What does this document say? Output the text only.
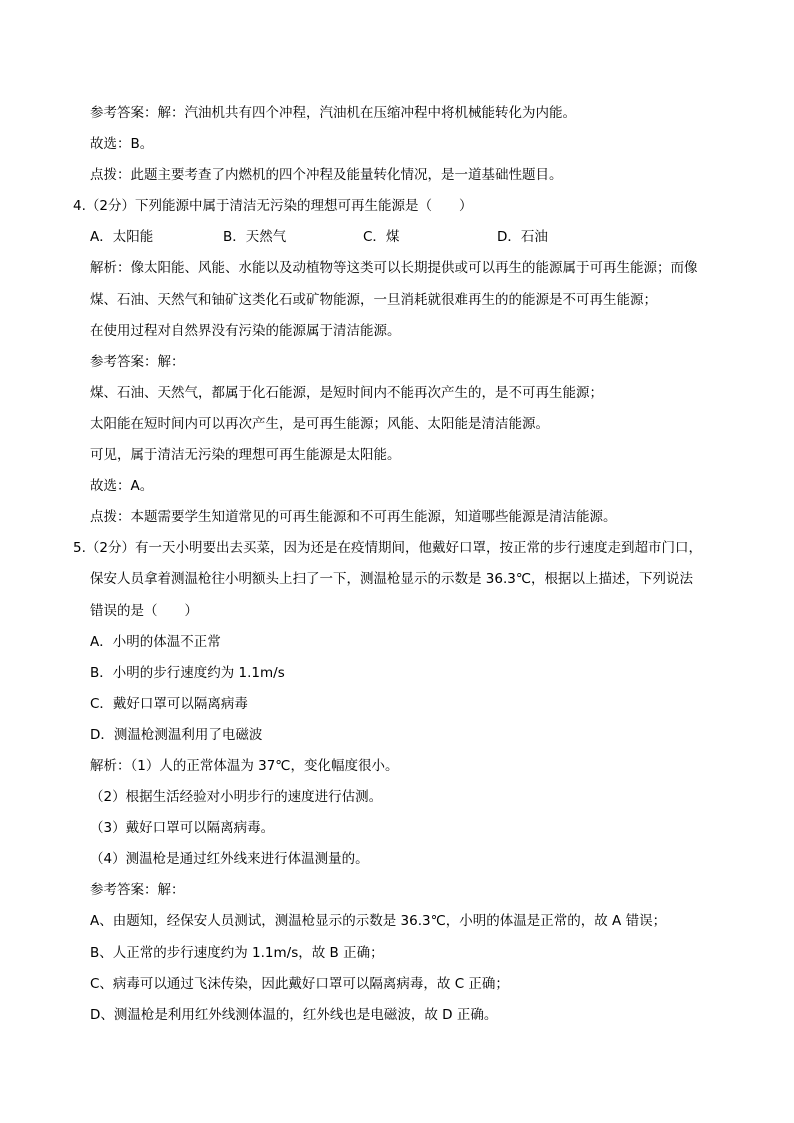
参考答案：解：汽油机共有四个冲程，汽油机在压缩冲程中将机械能转化为内能。
故选：B。
点拨：此题主要考查了内燃机的四个冲程及能量转化情况，是一道基础性题目。
4.（2分）下列能源中属于清洁无污染的理想可再生能源是（　　）
A．太阳能	B．天然气	C．煤	D．石油
解析：像太阳能、风能、水能以及动植物等这类可以长期提供或可以再生的能源属于可再生能源；而像
煤、石油、天然气和铀矿这类化石或矿物能源，一旦消耗就很难再生的的能源是不可再生能源；
在使用过程对自然界没有污染的能源属于清洁能源。
参考答案：解：
煤、石油、天然气，都属于化石能源，是短时间内不能再次产生的，是不可再生能源；
太阳能在短时间内可以再次产生，是可再生能源；风能、太阳能是清洁能源。
可见，属于清洁无污染的理想可再生能源是太阳能。
故选：A。
点拨：本题需要学生知道常见的可再生能源和不可再生能源，知道哪些能源是清洁能源。
5.（2分）有一天小明要出去买菜，因为还是在疫情期间，他戴好口罩，按正常的步行速度走到超市门口，
保安人员拿着测温枪往小明额头上扫了一下，测温枪显示的示数是 36.3℃，根据以上描述，下列说法
错误的是（　　）
A．小明的体温不正常
B．小明的步行速度约为 1.1m/s
C．戴好口罩可以隔离病毒
D．测温枪测温利用了电磁波
解析：（1）人的正常体温为 37℃，变化幅度很小。
（2）根据生活经验对小明步行的速度进行估测。
（3）戴好口罩可以隔离病毒。
（4）测温枪是通过红外线来进行体温测量的。
参考答案：解：
A、由题知，经保安人员测试，测温枪显示的示数是 36.3℃，小明的体温是正常的，故 A 错误；
B、人正常的步行速度约为 1.1m/s，故 B 正确；
C、病毒可以通过飞沫传染，因此戴好口罩可以隔离病毒，故 C 正确；
D、测温枪是利用红外线测体温的，红外线也是电磁波，故 D 正确。
